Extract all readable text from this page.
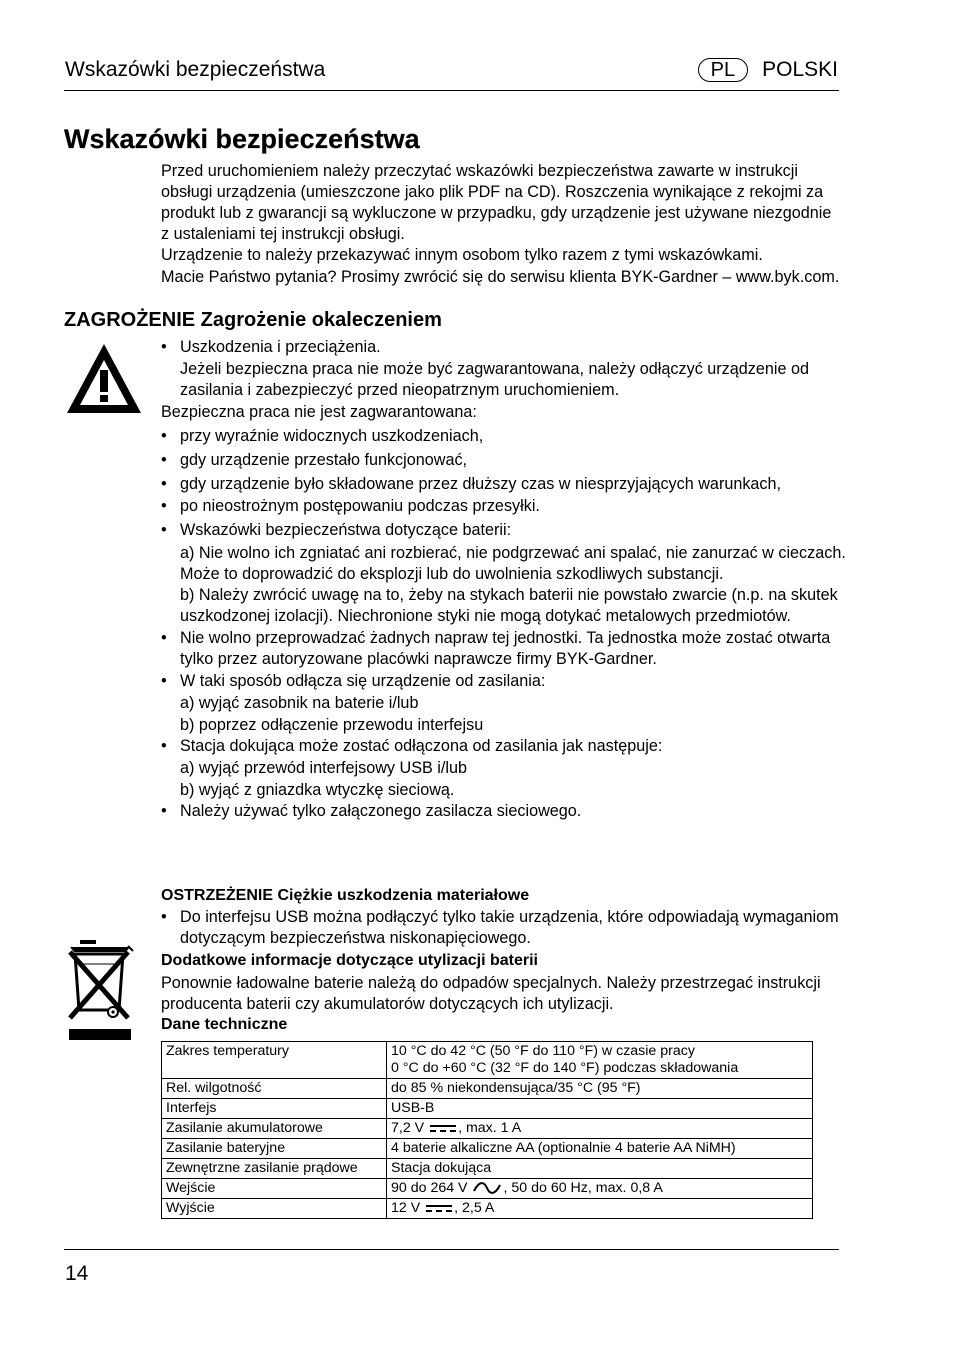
Wskazówki bezpieczeństwa	PL	POLSKI
Wskazówki bezpieczeństwa
Przed uruchomieniem należy przeczytać wskazówki bezpieczeństwa zawarte w instrukcji obsługi urządzenia (umieszczone jako plik PDF na CD). Roszczenia wynikające z rekojmi za produkt lub z gwarancji są wykluczone w przypadku, gdy urządzenie jest używane niezgodnie z ustaleniami tej instrukcji obsługi.
Urządzenie to należy przekazywać innym osobom tylko razem z tymi wskazówkami.
Macie Państwo pytania? Prosimy zwrócić się do serwisu klienta BYK-Gardner – www.byk.com.
ZAGROŻENIE Zagrożenie okaleczeniem
• Uszkodzenia i przeciążenia.
Jeżeli bezpieczna praca nie może być zagwarantowana, należy odłączyć urządzenie od zasilania i zabezpieczyć przed nieopatrznym uruchomieniem.
Bezpieczna praca nie jest zagwarantowana:
• przy wyraźnie widocznych uszkodzeniach,
• gdy urządzenie przestało funkcjonować,
• gdy urządzenie było składowane przez dłuższy czas w niesprzyjających warunkach,
• po nieostrożnym postępowaniu podczas przesyłki.
• Wskazówki bezpieczeństwa dotyczące baterii:
a) Nie wolno ich zgniatać ani rozbierać, nie podgrzewać ani spalać, nie zanurzać w cieczach. Może to doprowadzić do eksplozji lub do uwolnienia szkodliwych substancji.
b) Należy zwrócić uwagę na to, żeby na stykach baterii nie powstało zwarcie (n.p. na skutek uszkodzonej izolacji). Niechronione styki nie mogą dotykać metalowych przedmiotów.
• Nie wolno przeprowadzać żadnych napraw tej jednostki. Ta jednostka może zostać otwarta tylko przez autoryzowane placówki naprawcze firmy BYK-Gardner.
• W taki sposób odłącza się urządzenie od zasilania:
a) wyjąć zasobnik na baterie i/lub
b) poprzez odłączenie przewodu interfejsu
• Stacja dokująca może zostać odłączona od zasilania jak następuje:
a) wyjąć przewód interfejsowy USB i/lub
b) wyjąć z gniazdka wtyczkę sieciową.
• Należy używać tylko załączonego zasilacza sieciowego.
OSTRZEŻENIE Ciężkie uszkodzenia materiałowe
• Do interfejsu USB można podłączyć tylko takie urządzenia, które odpowiadają wymaganiom dotyczącym bezpieczeństwa niskonapięciowego.
Dodatkowe informacje dotyczące utylizacji baterii
Ponownie ładowalne baterie należą do odpadów specjalnych. Należy przestrzegać instrukcji producenta baterii czy akumulatorów dotyczących ich utylizacji.
Dane techniczne
Zakres temperatury	10 °C do 42 °C (50 °F do 110 °F) w czasie pracy
0 °C do +60 °C (32 °F do 140 °F) podczas składowania

Rel. wilgotność	do 85 % niekondensująca/35 °C (95 °F)
Interfejs	USB-B
Zasilanie akumulatorowe	7,2 V , max. 1 A
Zasilanie bateryjne	4 baterie alkaliczne AA (optionalnie 4 baterie AA NiMH)
Zewnętrzne zasilanie prądowe	Stacja dokująca
Wejście	90 do 264 V , 50 do 60 Hz, max. 0,8 A
Wyjście	12 V , 2,5 A
14
